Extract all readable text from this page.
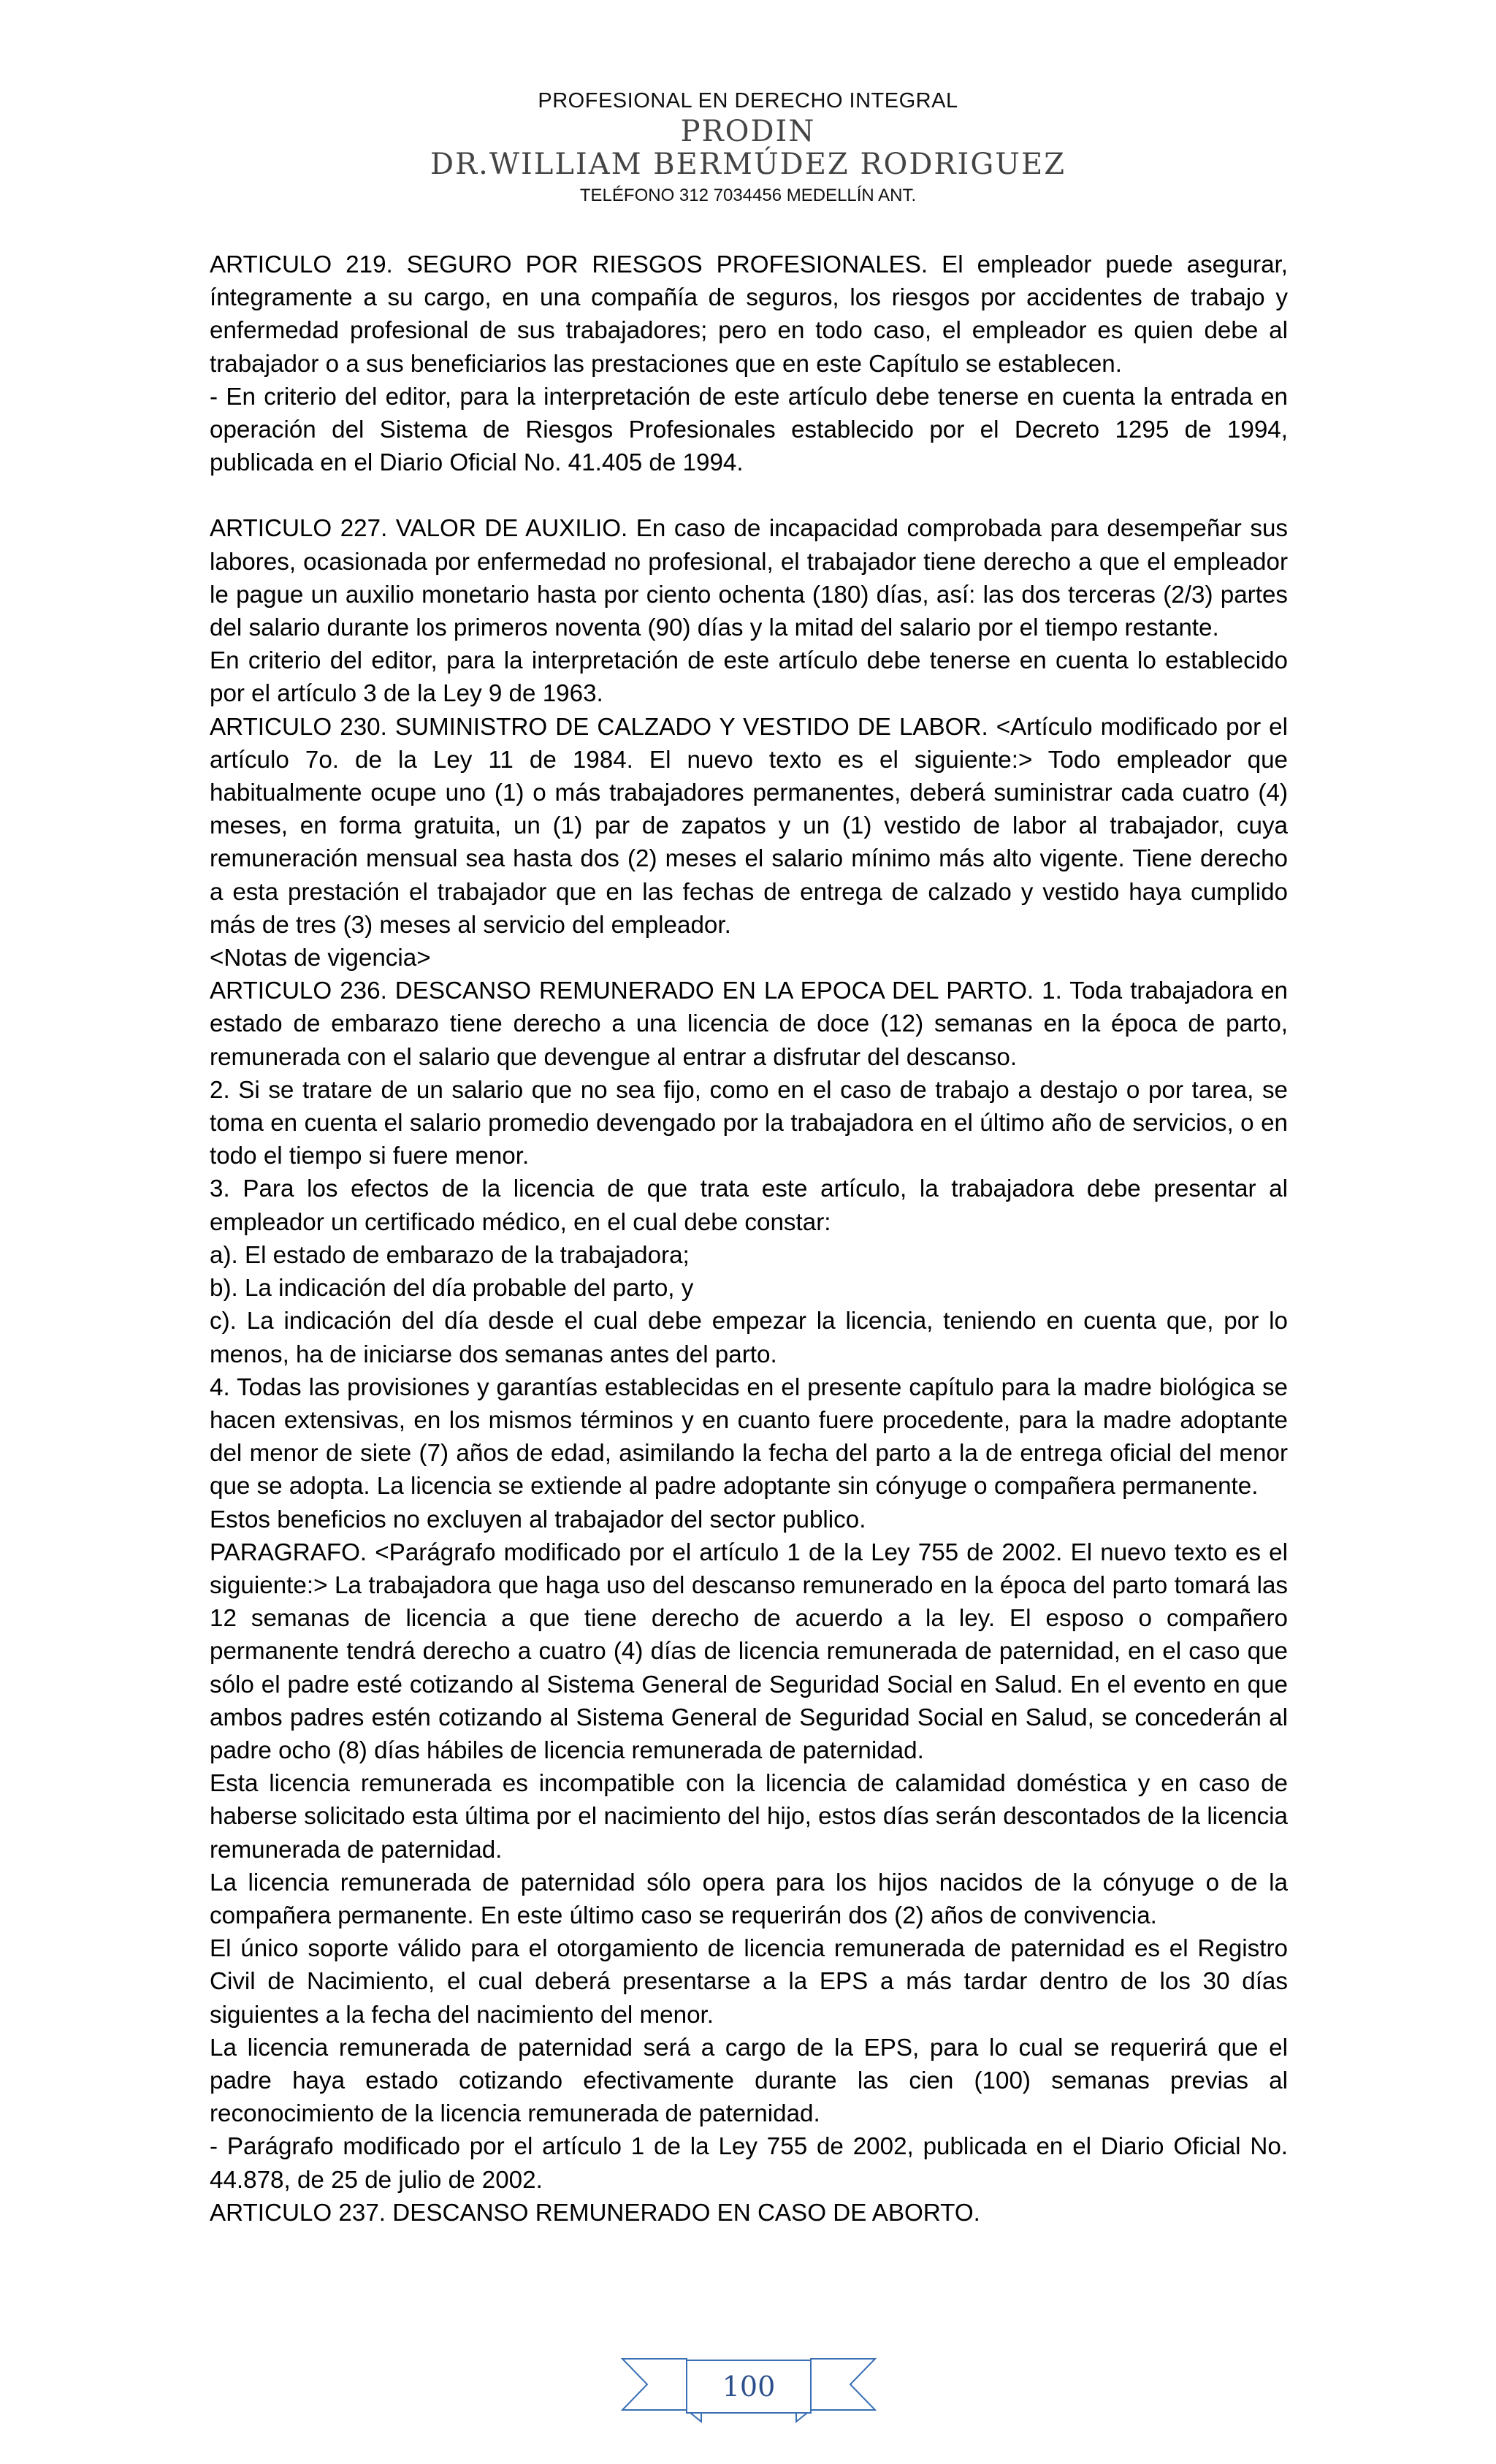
PROFESIONAL EN DERECHO INTEGRAL
PRODIN
DR.WILLIAM BERMÚDEZ RODRIGUEZ
TELÉFONO 312 7034456 MEDELLÍN ANT.

ARTICULO 219. SEGURO POR RIESGOS PROFESIONALES. El empleador puede asegurar, íntegramente a su cargo, en una compañía de seguros, los riesgos por accidentes de trabajo y enfermedad profesional de sus trabajadores; pero en todo caso, el empleador es quien debe al trabajador o a sus beneficiarios las prestaciones que en este Capítulo se establecen.

- En criterio del editor, para la interpretación de este artículo debe tenerse en cuenta la entrada en operación del Sistema de Riesgos Profesionales establecido por el Decreto 1295 de 1994, publicada en el Diario Oficial No. 41.405 de 1994.

ARTICULO 227. VALOR DE AUXILIO. En caso de incapacidad comprobada para desempeñar sus labores, ocasionada por enfermedad no profesional, el trabajador tiene derecho a que el empleador le pague un auxilio monetario hasta por ciento ochenta (180) días, así: las dos terceras (2/3) partes del salario durante los primeros noventa (90) días y la mitad del salario por el tiempo restante.

En criterio del editor, para la interpretación de este artículo debe tenerse en cuenta lo establecido por el artículo 3 de la Ley 9 de 1963.

ARTICULO 230. SUMINISTRO DE CALZADO Y VESTIDO DE LABOR. <Artículo modificado por el artículo 7o. de la Ley 11 de 1984. El nuevo texto es el siguiente:> Todo empleador que habitualmente ocupe uno (1) o más trabajadores permanentes, deberá suministrar cada cuatro (4) meses, en forma gratuita, un (1) par de zapatos y un (1) vestido de labor al trabajador, cuya remuneración mensual sea hasta dos (2) meses el salario mínimo más alto vigente. Tiene derecho a esta prestación el trabajador que en las fechas de entrega de calzado y vestido haya cumplido más de tres (3) meses al servicio del empleador.

<Notas de vigencia>

ARTICULO 236. DESCANSO REMUNERADO EN LA EPOCA DEL PARTO. 1. Toda trabajadora en estado de embarazo tiene derecho a una licencia de doce (12) semanas en la época de parto, remunerada con el salario que devengue al entrar a disfrutar del descanso.

2. Si se tratare de un salario que no sea fijo, como en el caso de trabajo a destajo o por tarea, se toma en cuenta el salario promedio devengado por la trabajadora en el último año de servicios, o en todo el tiempo si fuere menor.

3. Para los efectos de la licencia de que trata este artículo, la trabajadora debe presentar al empleador un certificado médico, en el cual debe constar:

a). El estado de embarazo de la trabajadora;

b). La indicación del día probable del parto, y

c). La indicación del día desde el cual debe empezar la licencia, teniendo en cuenta que, por lo menos, ha de iniciarse dos semanas antes del parto.

4. Todas las provisiones y garantías establecidas en el presente capítulo para la madre biológica se hacen extensivas, en los mismos términos y en cuanto fuere procedente, para la madre adoptante del menor de siete (7) años de edad, asimilando la fecha del parto a la de entrega oficial del menor que se adopta. La licencia se extiende al padre adoptante sin cónyuge o compañera permanente.

Estos beneficios no excluyen al trabajador del sector publico.

PARAGRAFO. <Parágrafo modificado por el artículo 1 de la Ley 755 de 2002. El nuevo texto es el siguiente:> La trabajadora que haga uso del descanso remunerado en la época del parto tomará las 12 semanas de licencia a que tiene derecho de acuerdo a la ley. El esposo o compañero permanente tendrá derecho a cuatro (4) días de licencia remunerada de paternidad, en el caso que sólo el padre esté cotizando al Sistema General de Seguridad Social en Salud. En el evento en que ambos padres estén cotizando al Sistema General de Seguridad Social en Salud, se concederán al padre ocho (8) días hábiles de licencia remunerada de paternidad.

Esta licencia remunerada es incompatible con la licencia de calamidad doméstica y en caso de haberse solicitado esta última por el nacimiento del hijo, estos días serán descontados de la licencia remunerada de paternidad.

La licencia remunerada de paternidad sólo opera para los hijos nacidos de la cónyuge o de la compañera permanente. En este último caso se requerirán dos (2) años de convivencia.

El único soporte válido para el otorgamiento de licencia remunerada de paternidad es el Registro Civil de Nacimiento, el cual deberá presentarse a la EPS a más tardar dentro de los 30 días siguientes a la fecha del nacimiento del menor.

La licencia remunerada de paternidad será a cargo de la EPS, para lo cual se requerirá que el padre haya estado cotizando efectivamente durante las cien (100) semanas previas al reconocimiento de la licencia remunerada de paternidad.

- Parágrafo modificado por el artículo 1 de la Ley 755 de 2002, publicada en el Diario Oficial No. 44.878, de 25 de julio de 2002.

ARTICULO 237. DESCANSO REMUNERADO EN CASO DE ABORTO.

100
